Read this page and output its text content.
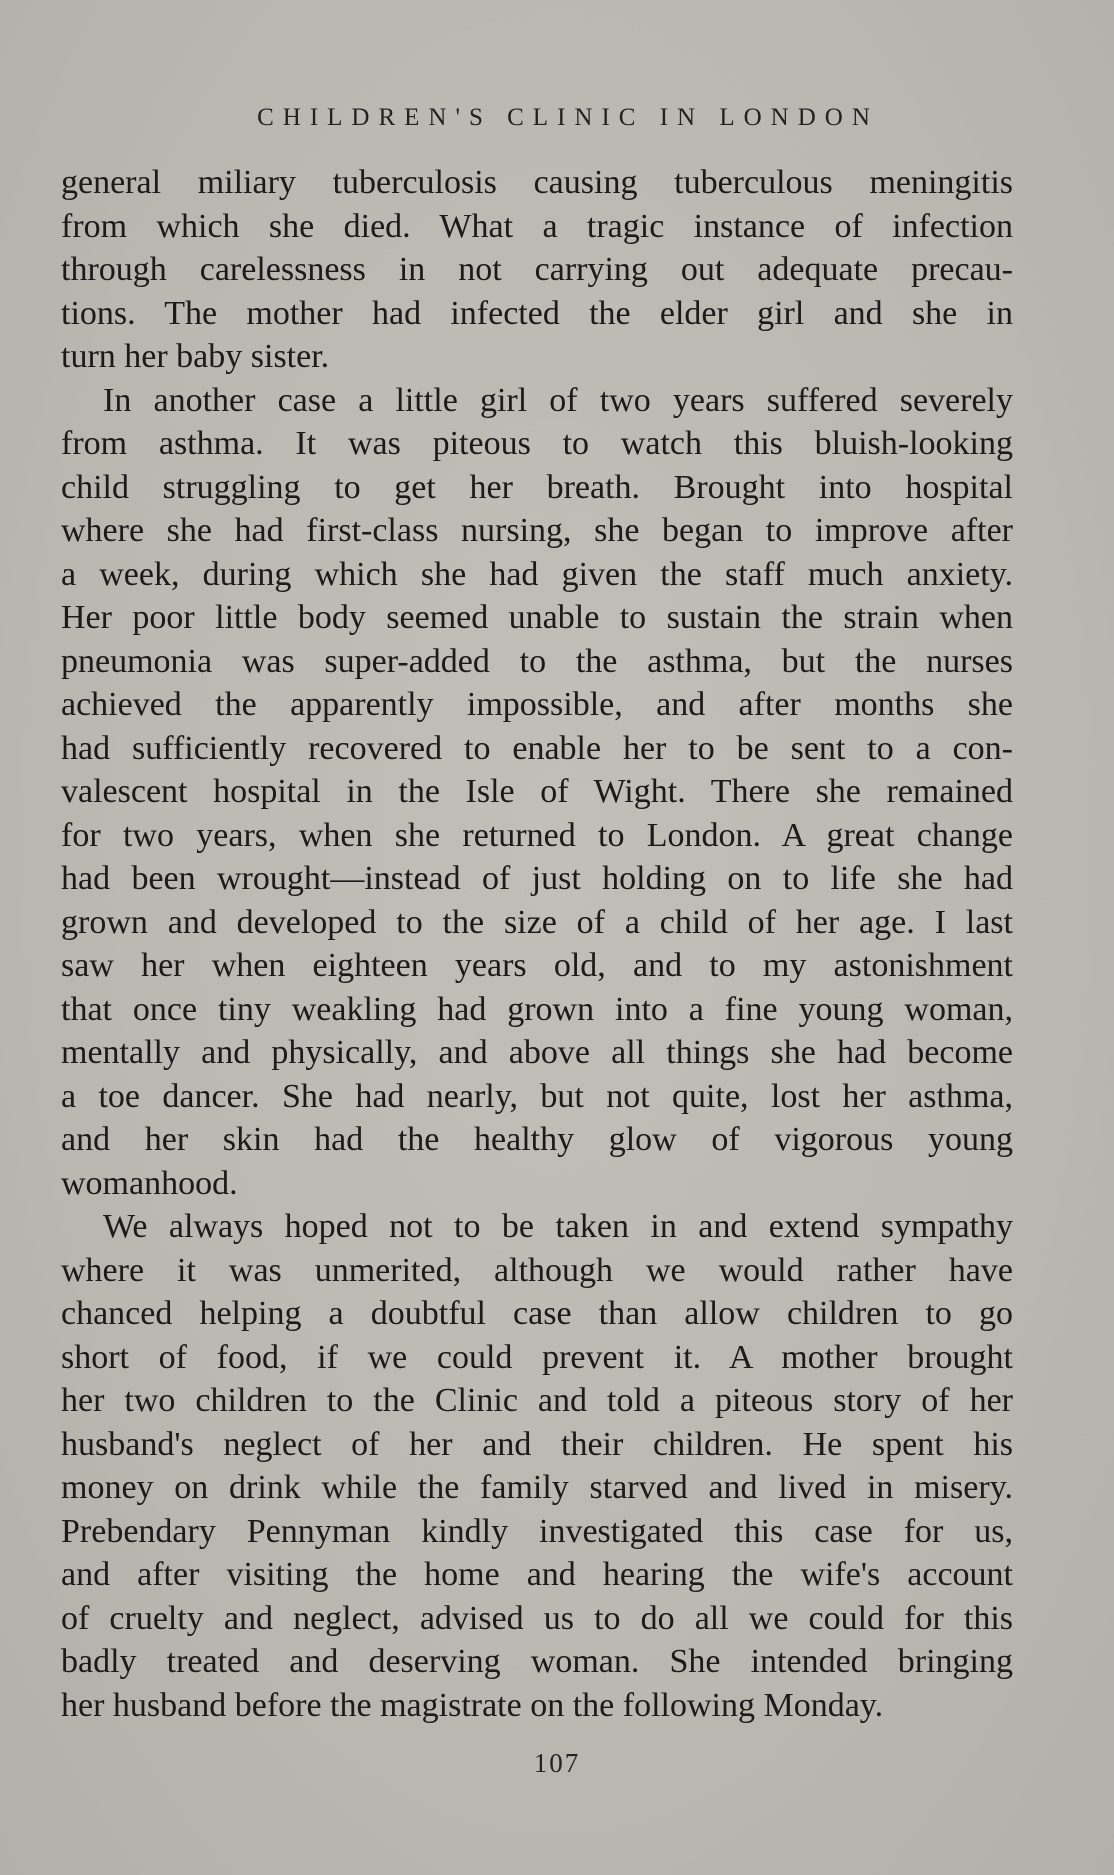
CHILDREN'S CLINIC IN LONDON
general miliary tuberculosis causing tuberculous meningitis
from which she died. What a tragic instance of infection
through carelessness in not carrying out adequate precau-
tions. The mother had infected the elder girl and she in
turn her baby sister.
In another case a little girl of two years suffered severely
from asthma. It was piteous to watch this bluish-looking
child struggling to get her breath. Brought into hospital
where she had first-class nursing, she began to improve after
a week, during which she had given the staff much anxiety.
Her poor little body seemed unable to sustain the strain when
pneumonia was super-added to the asthma, but the nurses
achieved the apparently impossible, and after months she
had sufficiently recovered to enable her to be sent to a con-
valescent hospital in the Isle of Wight. There she remained
for two years, when she returned to London. A great change
had been wrought—instead of just holding on to life she had
grown and developed to the size of a child of her age. I last
saw her when eighteen years old, and to my astonishment
that once tiny weakling had grown into a fine young woman,
mentally and physically, and above all things she had become
a toe dancer. She had nearly, but not quite, lost her asthma,
and her skin had the healthy glow of vigorous young
womanhood.
We always hoped not to be taken in and extend sympathy
where it was unmerited, although we would rather have
chanced helping a doubtful case than allow children to go
short of food, if we could prevent it. A mother brought
her two children to the Clinic and told a piteous story of her
husband's neglect of her and their children. He spent his
money on drink while the family starved and lived in misery.
Prebendary Pennyman kindly investigated this case for us,
and after visiting the home and hearing the wife's account
of cruelty and neglect, advised us to do all we could for this
badly treated and deserving woman. She intended bringing
her husband before the magistrate on the following Monday.
107
